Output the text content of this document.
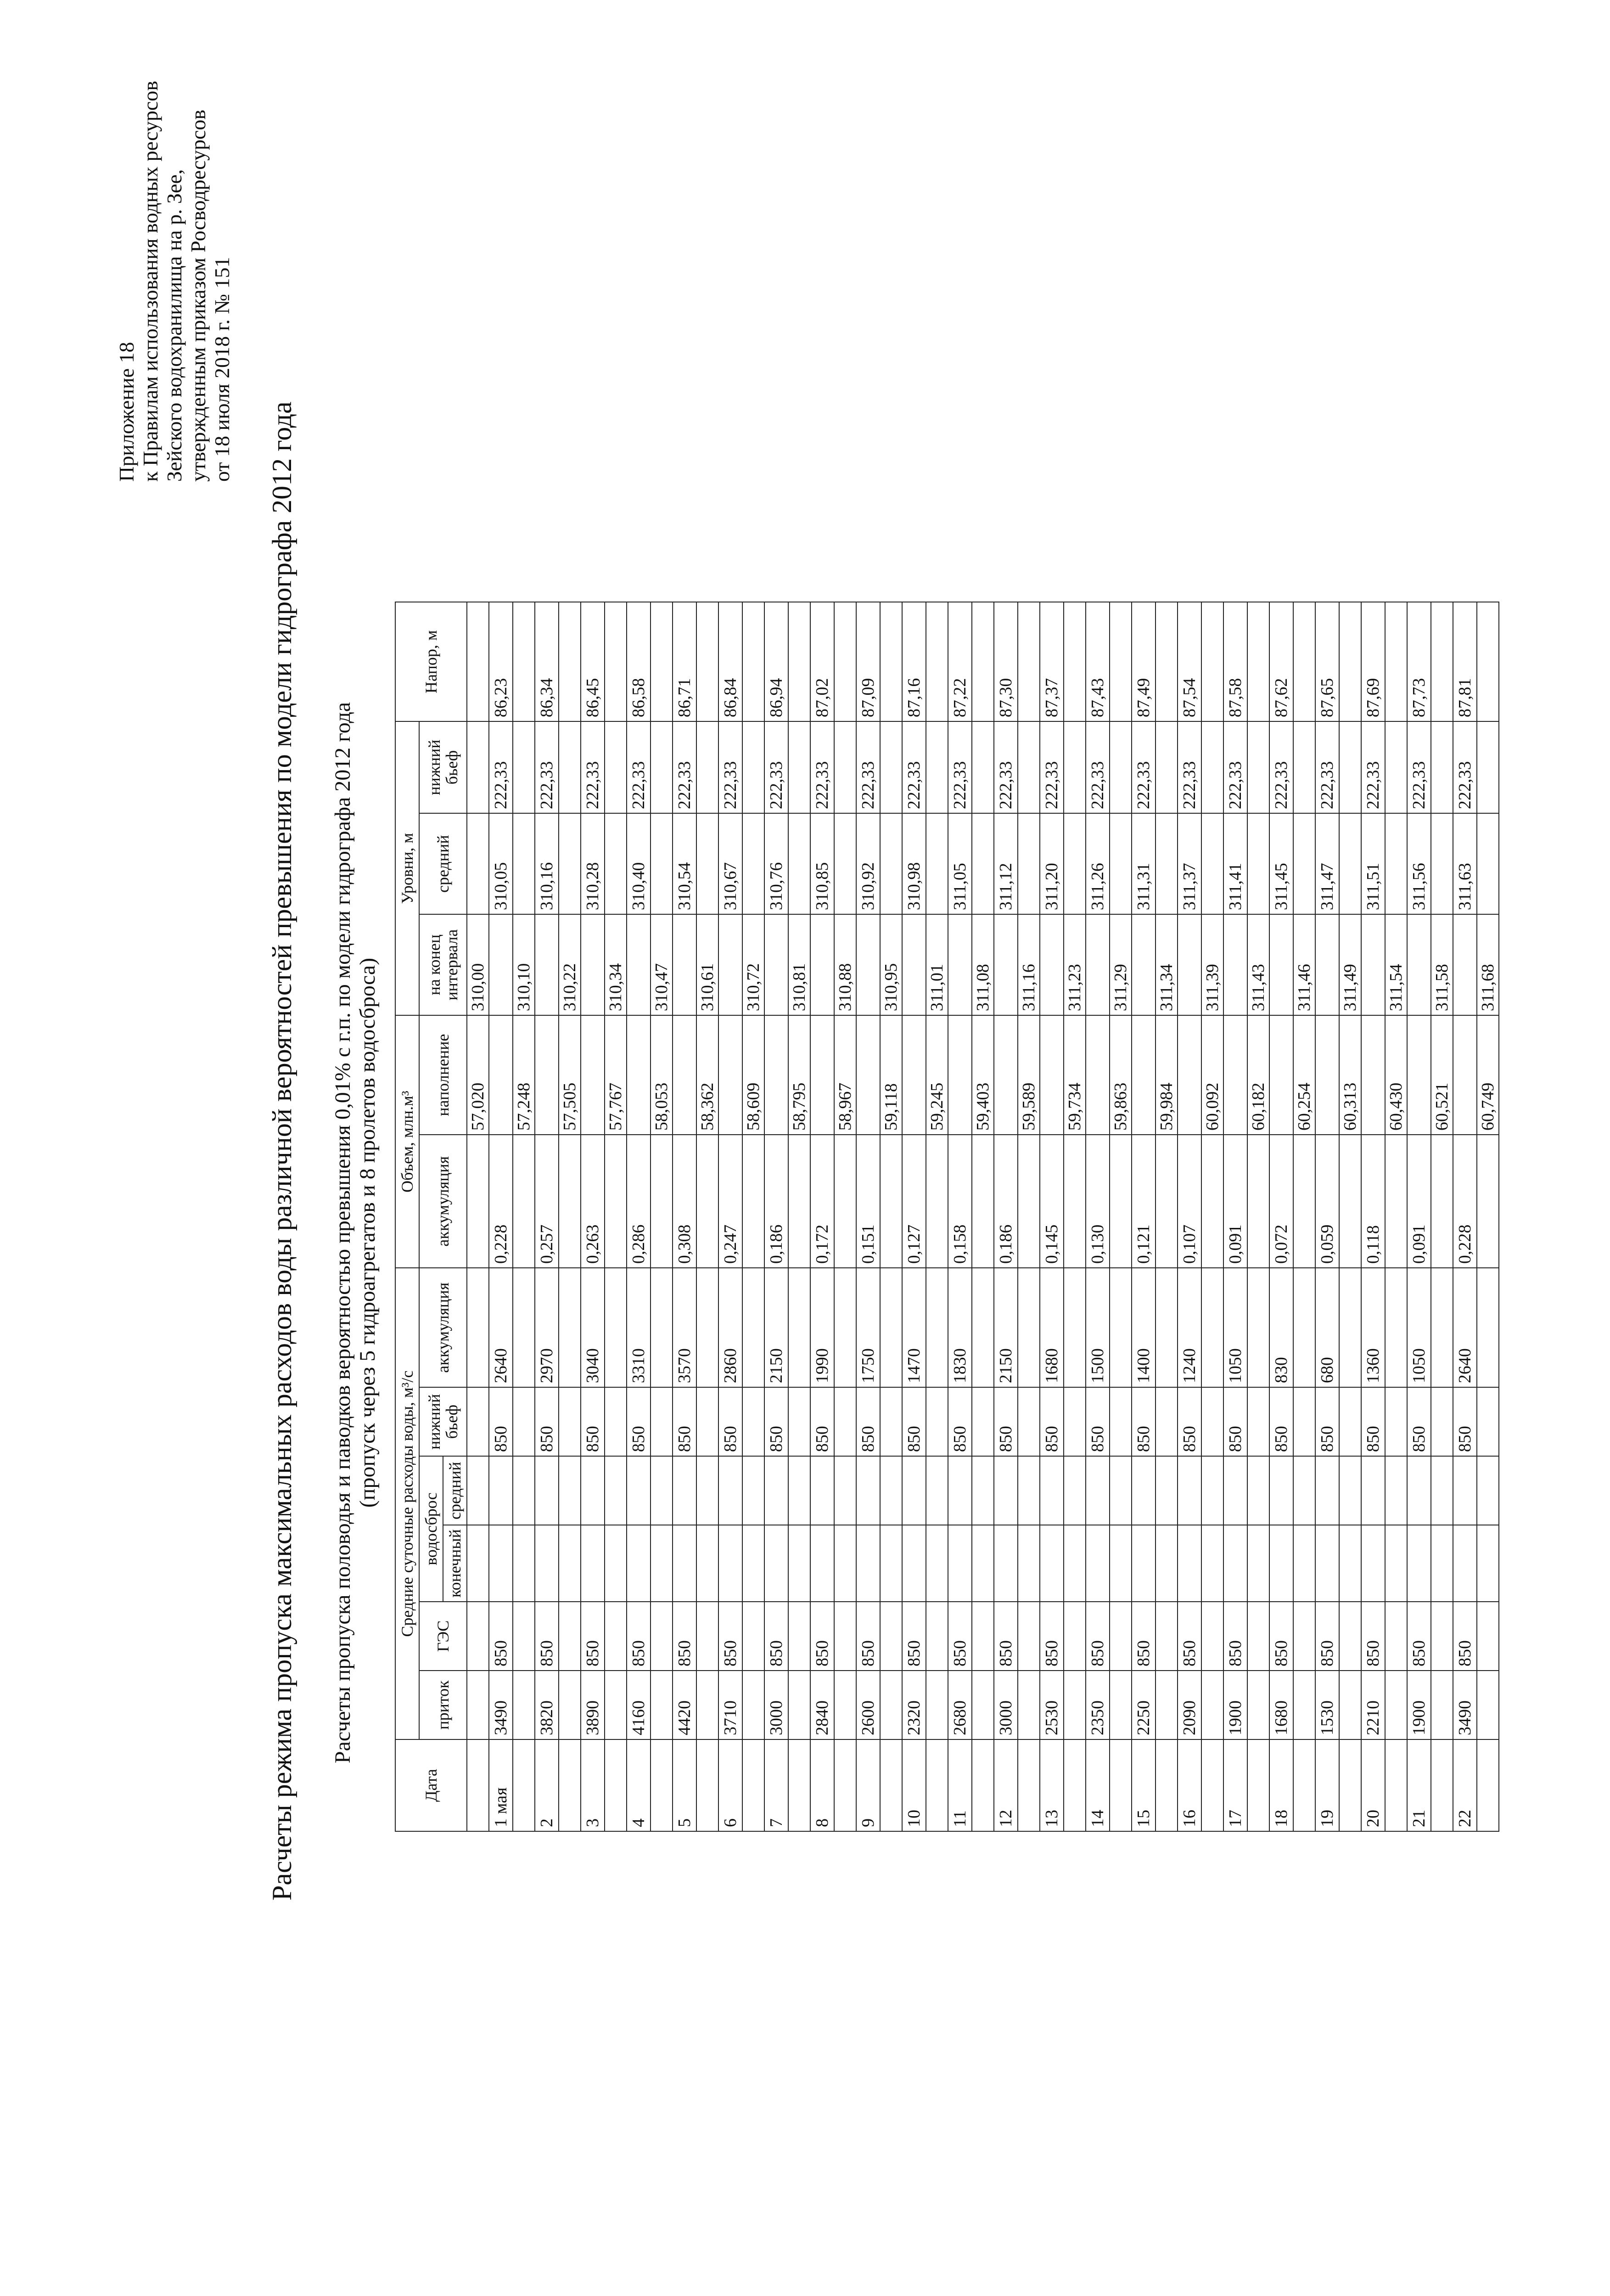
Приложение 18 к Правилам использования водных ресурсов Зейского водохранилища на р. Зее, утвержденным приказом Росводресурсов от 18 июля 2018 г. № 151
Расчеты режима пропуска максимальных расходов воды различной вероятностей превышения по модели гидрографа 2012 года Расчеты пропуска половодья и паводков вероятностью превышения 0,01% с г.п. по модели гидрографа 2012 года (пропуск через 5 гидроагрегатов и 8 пролетов водосброса)
Дата	Средние суточные расходы воды, м³/с						Объем, млн.м³		Уровни, м			Напор, м
	приток	ГЭС	водосброс		нижний бьеф	аккумуляция	аккумуляция	наполнение	на конец интервала	средний	нижний бьеф	
			конечный	средний								
								57,020	310,00			
1 мая	3490	850			850	2640	0,228			310,05	222,33	86,23
								57,248	310,10			
2	3820	850			850	2970	0,257			310,16	222,33	86,34
								57,505	310,22			
3	3890	850			850	3040	0,263			310,28	222,33	86,45
								57,767	310,34			
4	4160	850			850	3310	0,286			310,40	222,33	86,58
								58,053	310,47			
5	4420	850			850	3570	0,308			310,54	222,33	86,71
								58,362	310,61			
6	3710	850			850	2860	0,247			310,67	222,33	86,84
								58,609	310,72			
7	3000	850			850	2150	0,186			310,76	222,33	86,94
								58,795	310,81			
8	2840	850			850	1990	0,172			310,85	222,33	87,02
								58,967	310,88			
9	2600	850			850	1750	0,151			310,92	222,33	87,09
								59,118	310,95			
10	2320	850			850	1470	0,127			310,98	222,33	87,16
								59,245	311,01			
11	2680	850			850	1830	0,158			311,05	222,33	87,22
								59,403	311,08			
12	3000	850			850	2150	0,186			311,12	222,33	87,30
								59,589	311,16			
13	2530	850			850	1680	0,145			311,20	222,33	87,37
								59,734	311,23			
14	2350	850			850	1500	0,130			311,26	222,33	87,43
								59,863	311,29			
15	2250	850			850	1400	0,121			311,31	222,33	87,49
								59,984	311,34			
16	2090	850			850	1240	0,107			311,37	222,33	87,54
								60,092	311,39			
17	1900	850			850	1050	0,091			311,41	222,33	87,58
								60,182	311,43			
18	1680	850			850	830	0,072			311,45	222,33	87,62
								60,254	311,46			
19	1530	850			850	680	0,059			311,47	222,33	87,65
								60,313	311,49			
20	2210	850			850	1360	0,118			311,51	222,33	87,69
								60,430	311,54			
21	1900	850			850	1050	0,091			311,56	222,33	87,73
								60,521	311,58			
22	3490	850			850	2640	0,228			311,63	222,33	87,81
								60,749	311,68			
